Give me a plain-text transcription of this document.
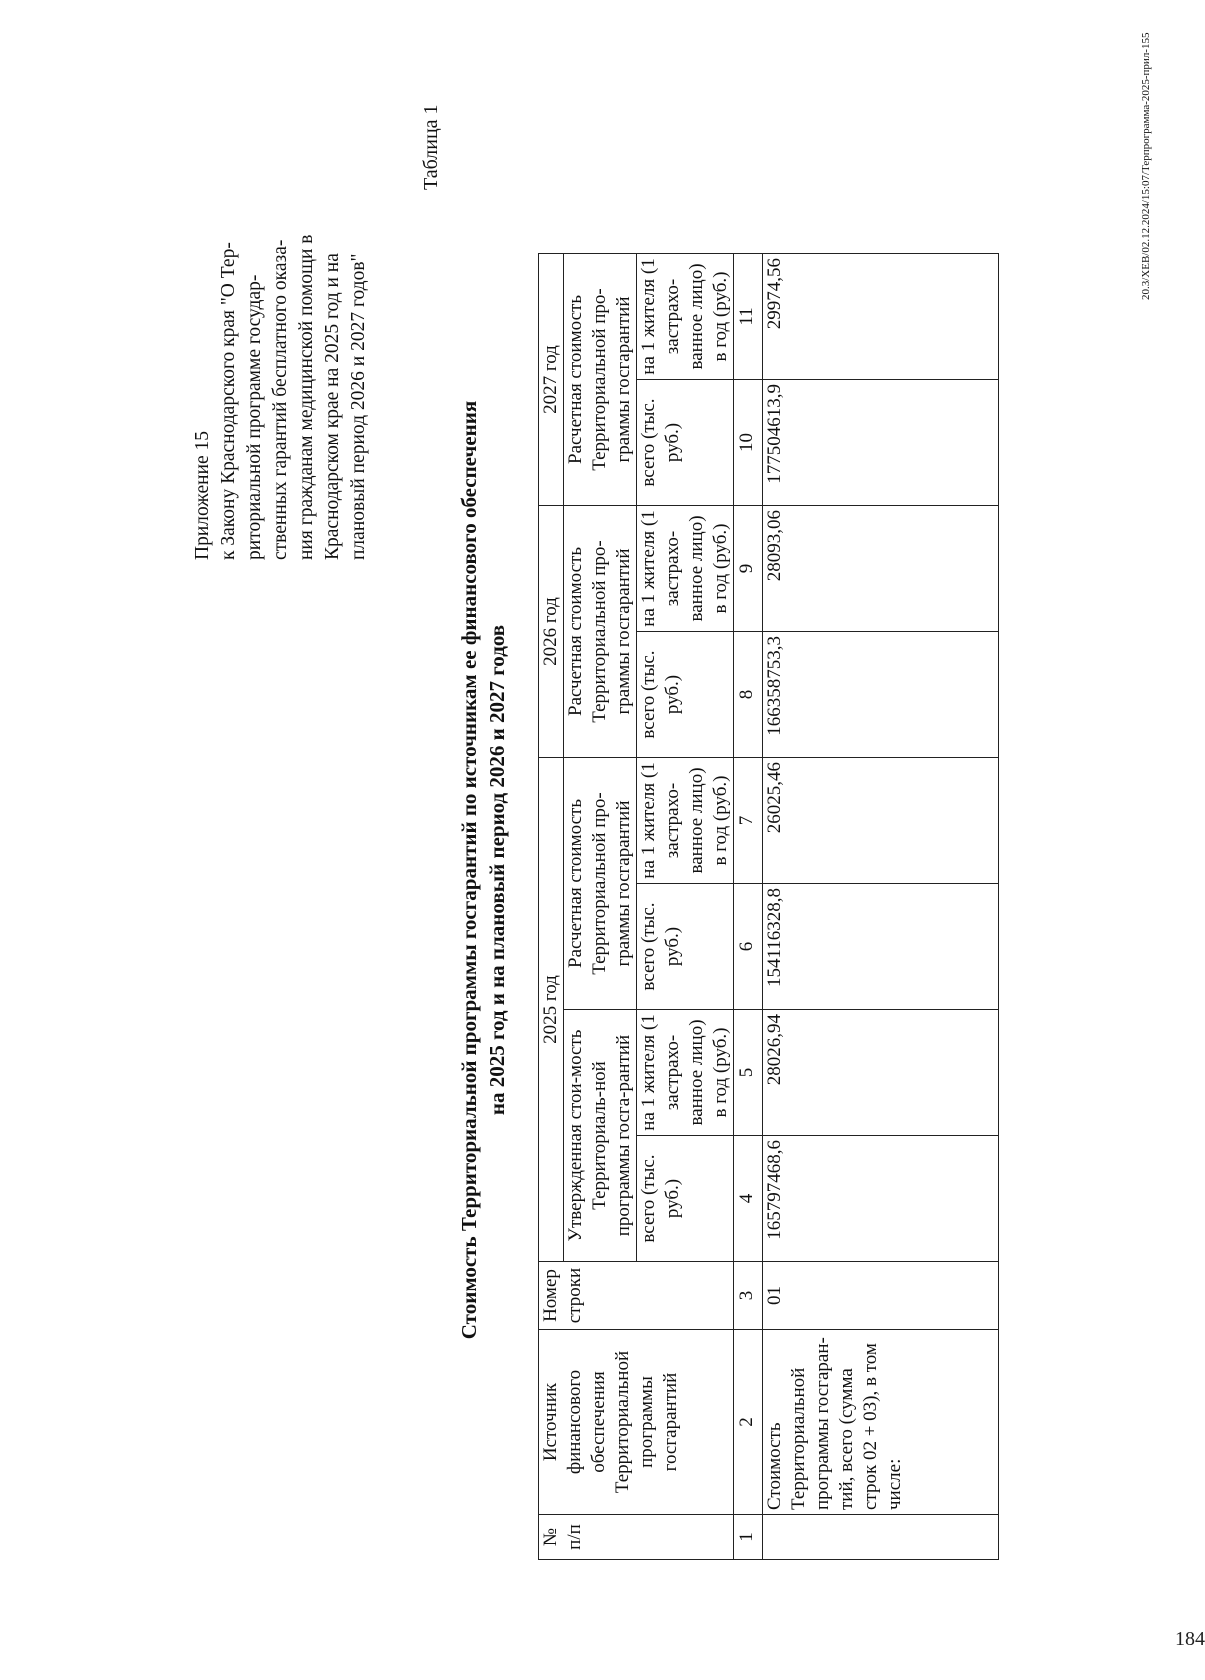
Приложение 15 к Закону Краснодарского края "О Тер- риториальной программе государ- ственных гарантий бесплатного оказа- ния гражданам медицинской помощи в Краснодарском крае на 2025 год и на плановый период 2026 и 2027 годов"
Таблица 1
Стоимость Территориальной программы госгарантий по источникам ее финансового обеспечения на 2025 год и на плановый период 2026 и 2027 годов
№ п/п	Источник финансового обеспечения Территориальной программы госгарантий	Номер строки	2025 год				2026 год		2027 год	
			Утвержденная стои-мость Территориаль-ной программы госга-рантий		Расчетная стоимость Территориальной про-граммы госгарантий		Расчетная стоимость Территориальной про-граммы госгарантий		Расчетная стоимость Территориальной про-граммы госгарантий	
			всего (тыс. руб.)	на 1 жителя (1 застрахо-ванное лицо) в год (руб.)	всего (тыс. руб.)	на 1 жителя (1 застрахо-ванное лицо) в год (руб.)	всего (тыс. руб.)	на 1 жителя (1 застрахо-ванное лицо) в год (руб.)	всего (тыс. руб.)	на 1 жителя (1 застрахо-ванное лицо) в год (руб.)
1	2	3	4	5	6	7	8	9	10	11
	Стоимость Территориальной программы госгаран-тий, всего (сумма строк 02 + 03), в том числе:	01	165797468,6	28026,94	154116328,8	26025,46	166358753,3	28093,06	177504613,9	29974,56	20.3/XEB/02.12.2024/15:07/Терпрограмма-2025-прил-155
184
